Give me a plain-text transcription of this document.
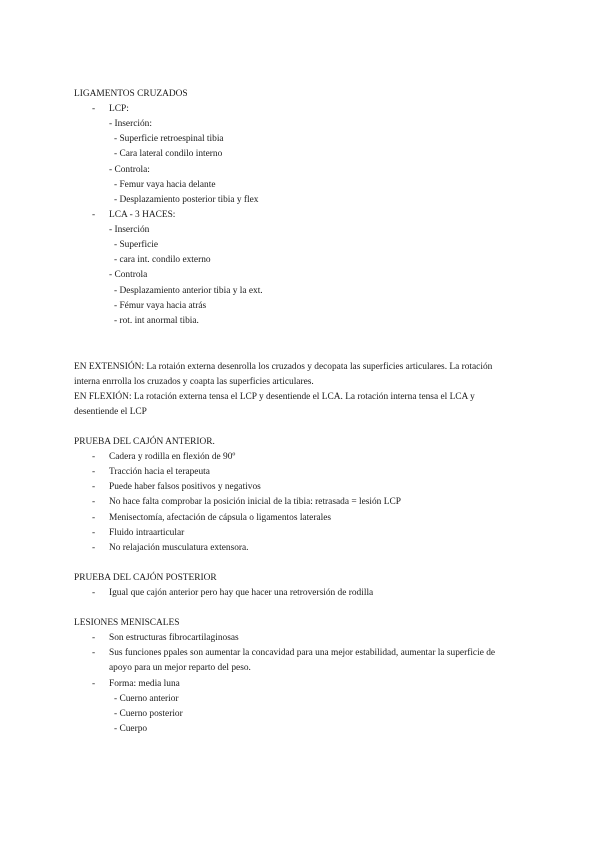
LIGAMENTOS CRUZADOS
- LCP:
- Inserción:
- Superficie retroespinal tibia
- Cara lateral condilo interno
- Controla:
- Femur vaya hacia delante
- Desplazamiento posterior tibia y flex
- LCA - 3 HACES:
- Inserción
- Superficie
- cara int. condilo externo
- Controla
- Desplazamiento anterior tibia y la ext.
- Fémur vaya hacia atrás
- rot. int anormal tibia.
EN EXTENSIÓN: La rotaión externa desenrolla los cruzados y decopata las superficies articulares. La rotación
interna enrrolla los cruzados y coapta las superficies articulares.
EN FLEXIÓN: La rotación externa tensa el LCP y desentiende el LCA. La rotación interna tensa el LCA y
desentiende el LCP
PRUEBA DEL CAJÓN ANTERIOR.
- Cadera y rodilla en flexión de 90º
- Tracción hacia el terapeuta
- Puede haber falsos positivos y negativos
- No hace falta comprobar la posición inicial de la tibia: retrasada = lesión LCP
- Menisectomía, afectación de cápsula o ligamentos laterales
- Fluido intraarticular
- No relajación musculatura extensora.
PRUEBA DEL CAJÓN POSTERIOR
- Igual que cajón anterior pero hay que hacer una retroversión de rodilla
LESIONES MENISCALES
- Son estructuras fibrocartilaginosas
- Sus funciones ppales son aumentar la concavidad para una mejor estabilidad, aumentar la superficie de
apoyo para un mejor reparto del peso.
- Forma: media luna
- Cuerno anterior
- Cuerno posterior
- Cuerpo
